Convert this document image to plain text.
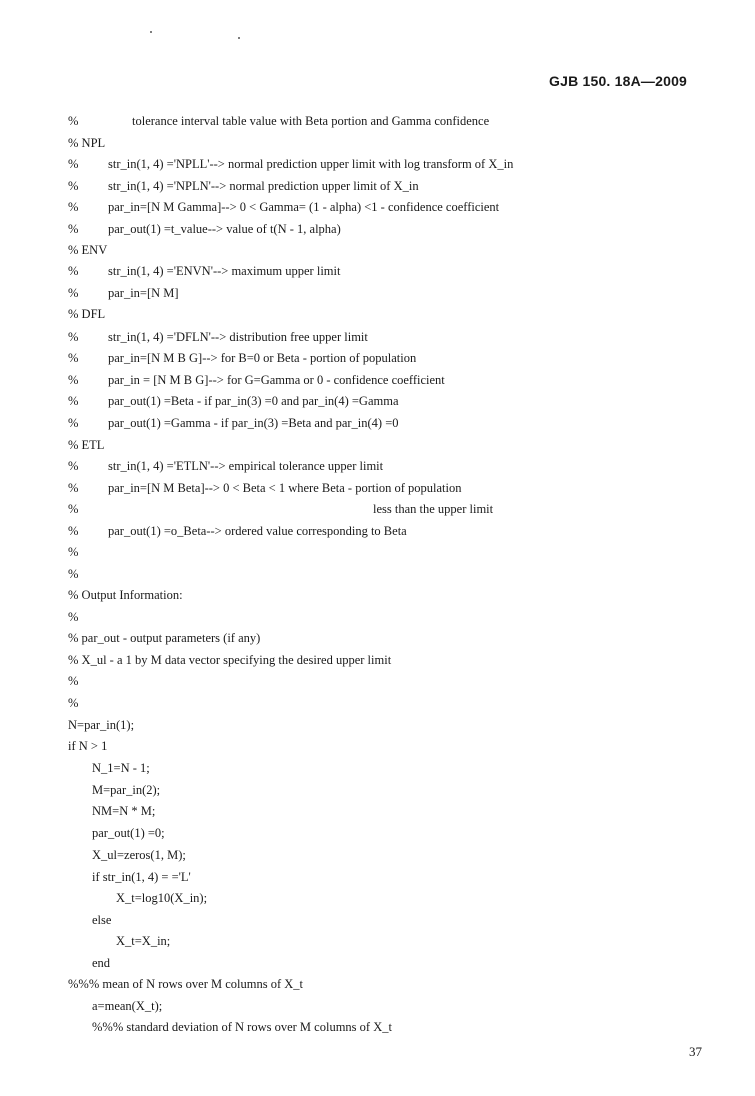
GJB 150. 18A—2009
%	tolerance interval table value with Beta portion and Gamma confidence
% NPL
% str_in(1, 4) ='NPLL'--> normal prediction upper limit with log transform of X_in
% str_in(1, 4) ='NPLN'--> normal prediction upper limit of X_in
% par_in=[N M Gamma]--> 0 < Gamma= (1 - alpha) <1 - confidence coefficient
% par_out(1) =t_value--> value of t(N - 1, alpha)
% ENV
% str_in(1, 4) ='ENVN'--> maximum upper limit
% par_in=[N M]
% DFL
% str_in(1, 4) ='DFLN'--> distribution free upper limit
% par_in=[N M B G]--> for B=0 or Beta - portion of population
% par_in = [N M B G]--> for G=Gamma or 0 - confidence coefficient
% par_out(1) =Beta - if par_in(3) =0 and par_in(4) =Gamma
% par_out(1) =Gamma - if par_in(3) =Beta and par_in(4) =0
% ETL
% str_in(1, 4) ='ETLN'--> empirical tolerance upper limit
% par_in=[N M Beta]--> 0 < Beta < 1 where Beta - portion of population
%	less than the upper limit
% par_out(1) =o_Beta--> ordered value corresponding to Beta
%
%
% Output Information:
%
% par_out - output parameters (if any)
% X_ul - a 1 by M data vector specifying the desired upper limit
%
%
N=par_in(1);
if N > 1
N_1=N - 1;
M=par_in(2);
NM=N * M;
par_out(1) =0;
X_ul=zeros(1, M);
if str_in(1, 4) = ='L'
X_t=log10(X_in);
else
X_t=X_in;
end
%%% mean of N rows over M columns of X_t
a=mean(X_t);
%%% standard deviation of N rows over M columns of X_t
37
